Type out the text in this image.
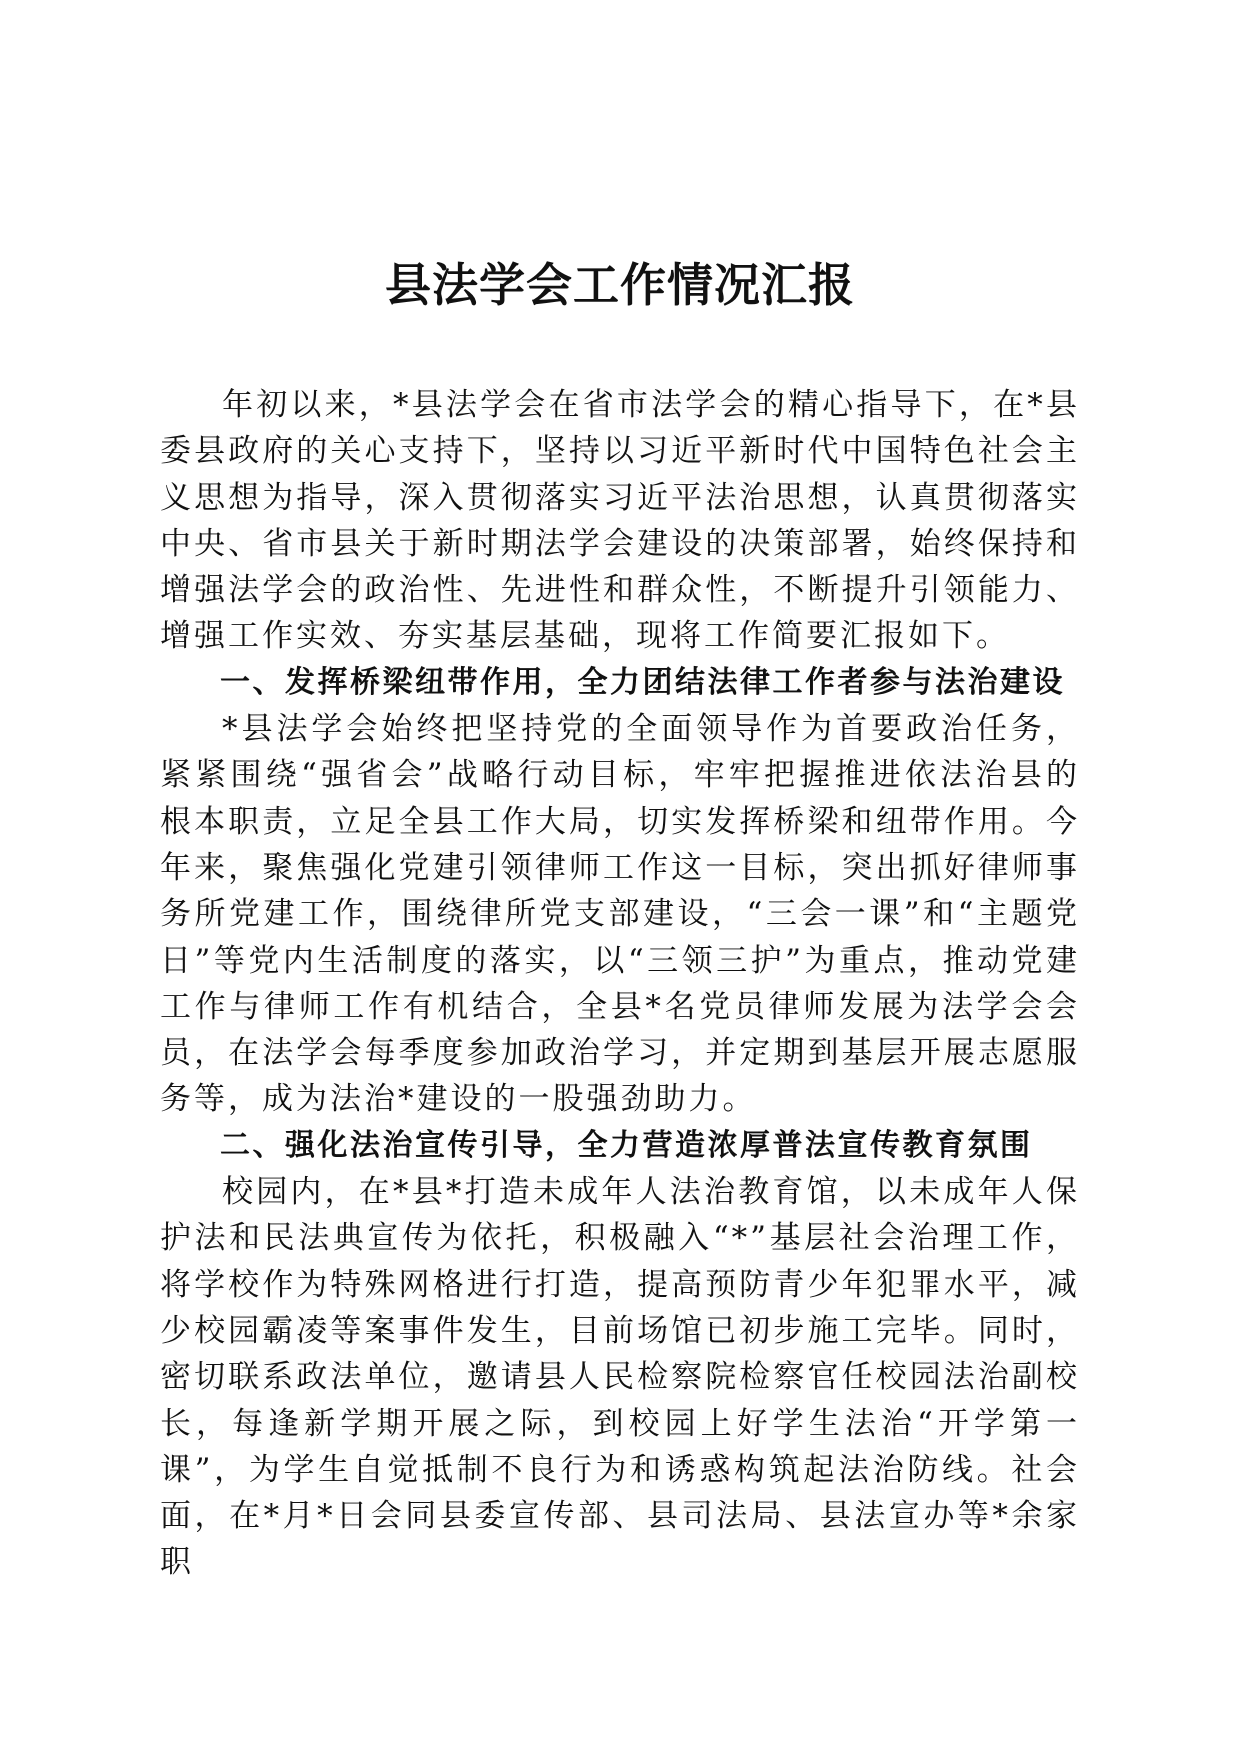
县法学会工作情况汇报

年初以来，*县法学会在省市法学会的精心指导下，在*县委县政府的关心支持下，坚持以习近平新时代中国特色社会主义思想为指导，深入贯彻落实习近平法治思想，认真贯彻落实中央、省市县关于新时期法学会建设的决策部署，始终保持和增强法学会的政治性、先进性和群众性，不断提升引领能力、增强工作实效、夯实基层基础，现将工作简要汇报如下。

一、发挥桥梁纽带作用，全力团结法律工作者参与法治建设

*县法学会始终把坚持党的全面领导作为首要政治任务，紧紧围绕“强省会”战略行动目标，牢牢把握推进依法治县的根本职责，立足全县工作大局，切实发挥桥梁和纽带作用。今年来，聚焦强化党建引领律师工作这一目标，突出抓好律师事务所党建工作，围绕律所党支部建设，“三会一课”和“主题党日”等党内生活制度的落实，以“三领三护”为重点，推动党建工作与律师工作有机结合，全县*名党员律师发展为法学会会员，在法学会每季度参加政治学习，并定期到基层开展志愿服务等，成为法治*建设的一股强劲助力。

二、强化法治宣传引导，全力营造浓厚普法宣传教育氛围

校园内，在*县*打造未成年人法治教育馆，以未成年人保护法和民法典宣传为依托，积极融入“*”基层社会治理工作，将学校作为特殊网格进行打造，提高预防青少年犯罪水平，减少校园霸凌等案事件发生，目前场馆已初步施工完毕。同时，密切联系政法单位，邀请县人民检察院检察官任校园法治副校长，每逢新学期开展之际，到校园上好学生法治“开学第一课”，为学生自觉抵制不良行为和诱惑构筑起法治防线。社会面，在*月*日会同县委宣传部、县司法局、县法宣办等*余家职
